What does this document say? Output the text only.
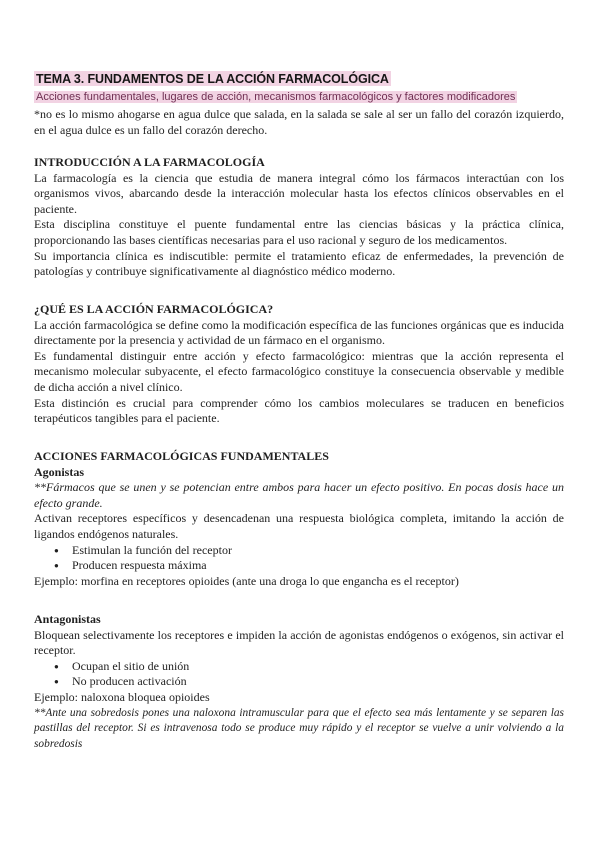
TEMA 3. FUNDAMENTOS DE LA ACCIÓN FARMACOLÓGICA
Acciones fundamentales, lugares de acción, mecanismos farmacológicos y factores modificadores

*no es lo mismo ahogarse en agua dulce que salada, en la salada se sale al ser un fallo del corazón izquierdo, en el agua dulce es un fallo del corazón derecho.

INTRODUCCIÓN A LA FARMACOLOGÍA

La farmacología es la ciencia que estudia de manera integral cómo los fármacos interactúan con los organismos vivos, abarcando desde la interacción molecular hasta los efectos clínicos observables en el paciente.

Esta disciplina constituye el puente fundamental entre las ciencias básicas y la práctica clínica, proporcionando las bases científicas necesarias para el uso racional y seguro de los medicamentos.

Su importancia clínica es indiscutible: permite el tratamiento eficaz de enfermedades, la prevención de patologías y contribuye significativamente al diagnóstico médico moderno.

¿QUÉ ES LA ACCIÓN FARMACOLÓGICA?

La acción farmacológica se define como la modificación específica de las funciones orgánicas que es inducida directamente por la presencia y actividad de un fármaco en el organismo.

Es fundamental distinguir entre acción y efecto farmacológico: mientras que la acción representa el mecanismo molecular subyacente, el efecto farmacológico constituye la consecuencia observable y medible de dicha acción a nivel clínico.

Esta distinción es crucial para comprender cómo los cambios moleculares se traducen en beneficios terapéuticos tangibles para el paciente.

ACCIONES FARMACOLÓGICAS FUNDAMENTALES

Agonistas

**Fármacos que se unen y se potencian entre ambos para hacer un efecto positivo. En pocas dosis hace un efecto grande.

Activan receptores específicos y desencadenan una respuesta biológica completa, imitando la acción de ligandos endógenos naturales.

● Estimulan la función del receptor
● Producen respuesta máxima

Ejemplo: morfina en receptores opioides (ante una droga lo que engancha es el receptor)

Antagonistas

Bloquean selectivamente los receptores e impiden la acción de agonistas endógenos o exógenos, sin activar el receptor.

● Ocupan el sitio de unión
● No producen activación

Ejemplo: naloxona bloquea opioides

**Ante una sobredosis pones una naloxona intramuscular para que el efecto sea más lentamente y se separen las pastillas del receptor. Si es intravenosa todo se produce muy rápido y el receptor se vuelve a unir volviendo a la sobredosis
